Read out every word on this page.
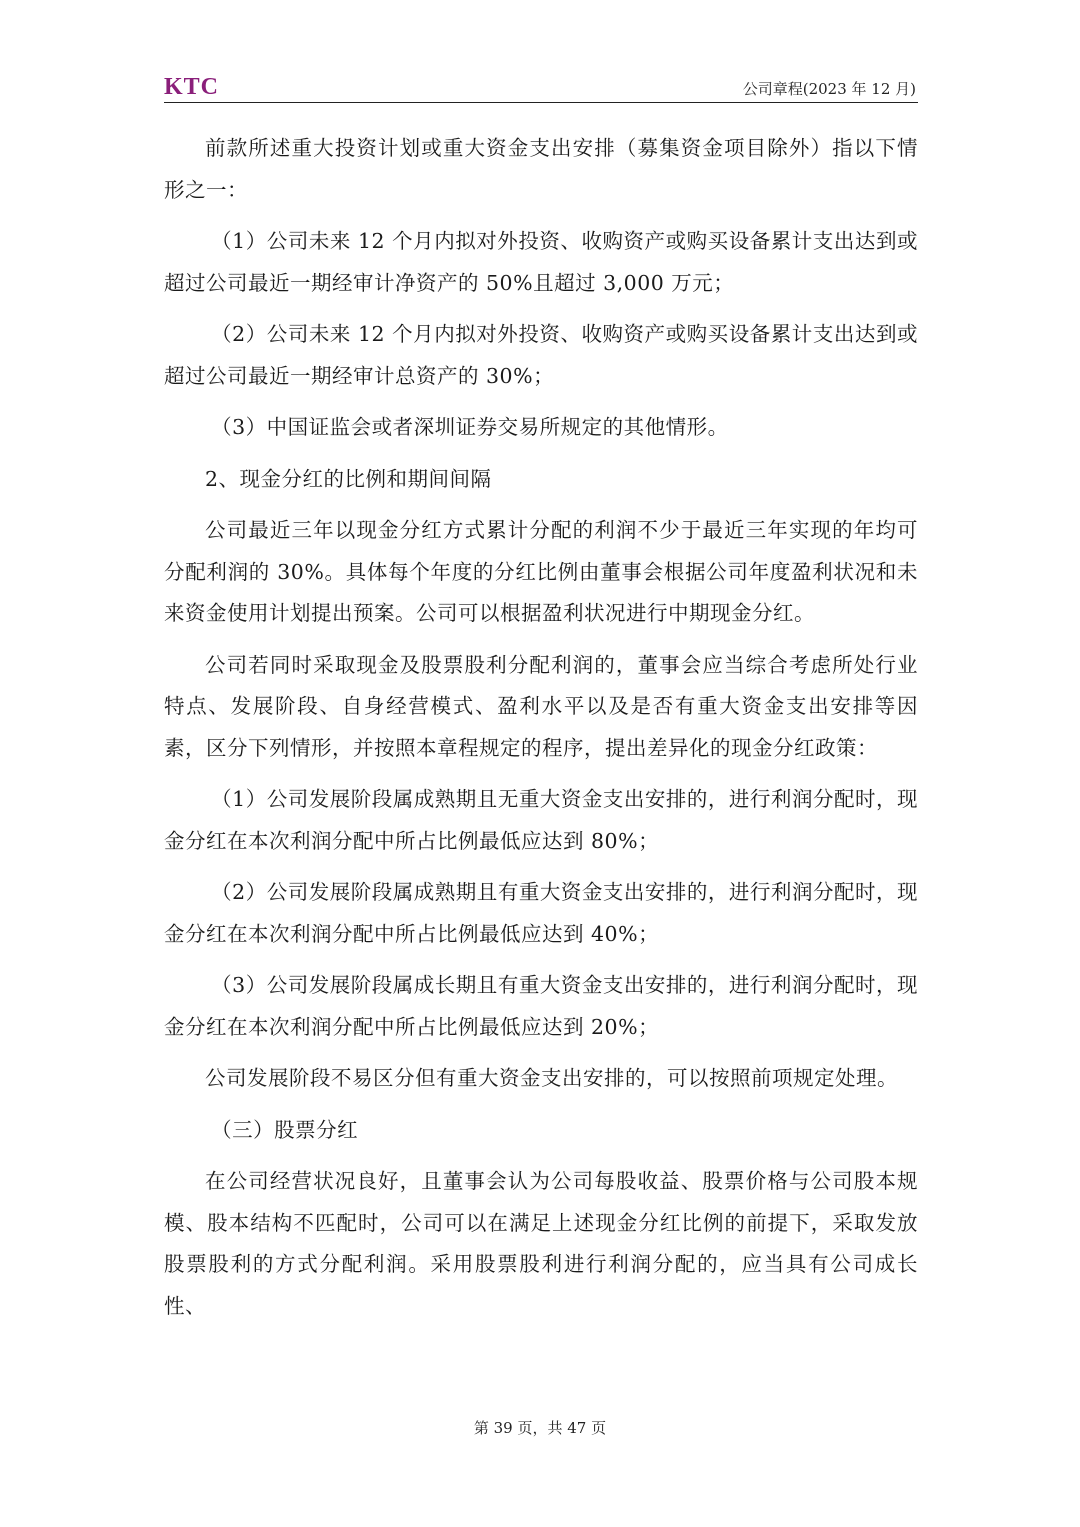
KTC	公司章程(2023 年 12 月)

前款所述重大投资计划或重大资金支出安排（募集资金项目除外）指以下情形之一：

（1）公司未来 12 个月内拟对外投资、收购资产或购买设备累计支出达到或超过公司最近一期经审计净资产的 50%且超过 3,000 万元；

（2）公司未来 12 个月内拟对外投资、收购资产或购买设备累计支出达到或超过公司最近一期经审计总资产的 30%；

（3）中国证监会或者深圳证券交易所规定的其他情形。

2、现金分红的比例和期间间隔

公司最近三年以现金分红方式累计分配的利润不少于最近三年实现的年均可分配利润的 30%。具体每个年度的分红比例由董事会根据公司年度盈利状况和未来资金使用计划提出预案。公司可以根据盈利状况进行中期现金分红。

公司若同时采取现金及股票股利分配利润的，董事会应当综合考虑所处行业特点、发展阶段、自身经营模式、盈利水平以及是否有重大资金支出安排等因素，区分下列情形，并按照本章程规定的程序，提出差异化的现金分红政策：

（1）公司发展阶段属成熟期且无重大资金支出安排的，进行利润分配时，现金分红在本次利润分配中所占比例最低应达到 80%；

（2）公司发展阶段属成熟期且有重大资金支出安排的，进行利润分配时，现金分红在本次利润分配中所占比例最低应达到 40%；

（3）公司发展阶段属成长期且有重大资金支出安排的，进行利润分配时，现金分红在本次利润分配中所占比例最低应达到 20%；

公司发展阶段不易区分但有重大资金支出安排的，可以按照前项规定处理。

（三）股票分红

在公司经营状况良好，且董事会认为公司每股收益、股票价格与公司股本规模、股本结构不匹配时，公司可以在满足上述现金分红比例的前提下，采取发放股票股利的方式分配利润。采用股票股利进行利润分配的，应当具有公司成长性、

第 39 页，共 47 页
